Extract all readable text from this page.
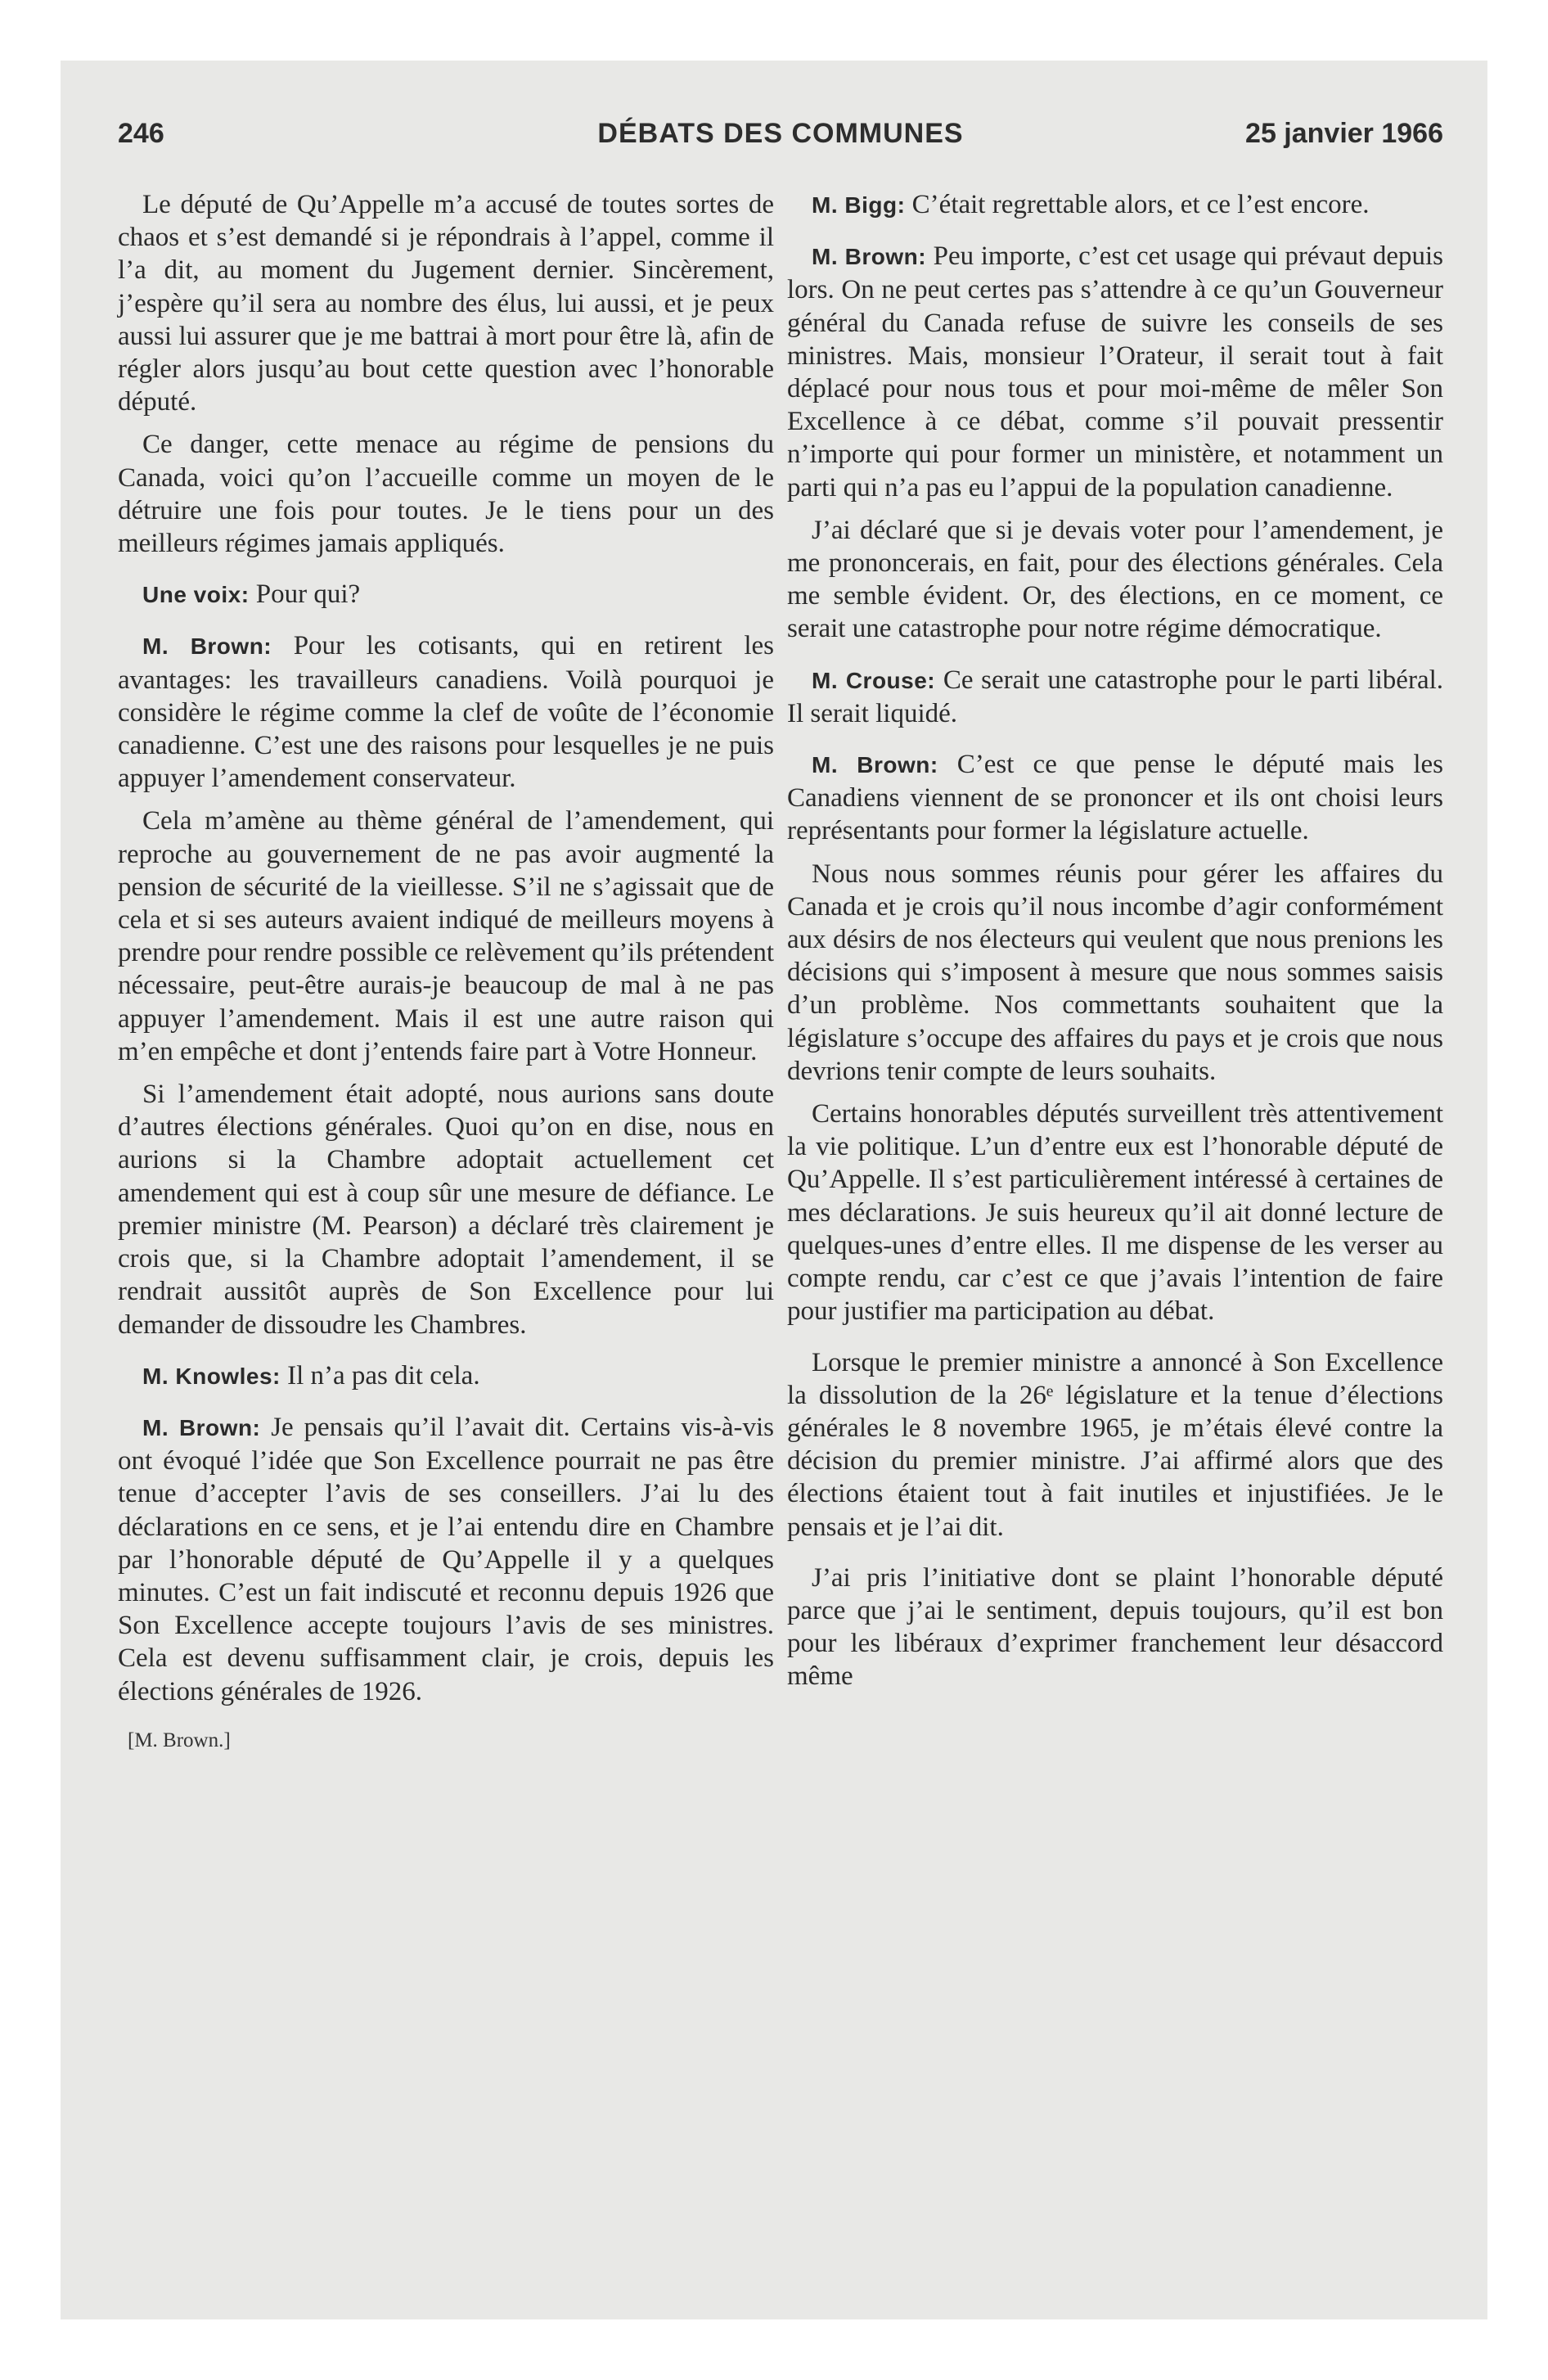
246	DÉBATS DES COMMUNES	25 janvier 1966

Le député de Qu’Appelle m’a accusé de toutes sortes de chaos et s’est demandé si je répondrais à l’appel, comme il l’a dit, au moment du Jugement dernier. Sincèrement, j’espère qu’il sera au nombre des élus, lui aussi, et je peux aussi lui assurer que je me battrai à mort pour être là, afin de régler alors jusqu’au bout cette question avec l’honorable député.

Ce danger, cette menace au régime de pensions du Canada, voici qu’on l’accueille comme un moyen de le détruire une fois pour toutes. Je le tiens pour un des meilleurs régimes jamais appliqués.

Une voix: Pour qui?

M. Brown: Pour les cotisants, qui en retirent les avantages: les travailleurs canadiens. Voilà pourquoi je considère le régime comme la clef de voûte de l’économie canadienne. C’est une des raisons pour lesquelles je ne puis appuyer l’amendement conservateur.

Cela m’amène au thème général de l’amendement, qui reproche au gouvernement de ne pas avoir augmenté la pension de sécurité de la vieillesse. S’il ne s’agissait que de cela et si ses auteurs avaient indiqué de meilleurs moyens à prendre pour rendre possible ce relèvement qu’ils prétendent nécessaire, peut-être aurais-je beaucoup de mal à ne pas appuyer l’amendement. Mais il est une autre raison qui m’en empêche et dont j’entends faire part à Votre Honneur.

Si l’amendement était adopté, nous aurions sans doute d’autres élections générales. Quoi qu’on en dise, nous en aurions si la Chambre adoptait actuellement cet amendement qui est à coup sûr une mesure de défiance. Le premier ministre (M. Pearson) a déclaré très clairement je crois que, si la Chambre adoptait l’amendement, il se rendrait aussitôt auprès de Son Excellence pour lui demander de dissoudre les Chambres.

M. Knowles: Il n’a pas dit cela.

M. Brown: Je pensais qu’il l’avait dit. Certains vis-à-vis ont évoqué l’idée que Son Excellence pourrait ne pas être tenue d’accepter l’avis de ses conseillers. J’ai lu des déclarations en ce sens, et je l’ai entendu dire en Chambre par l’honorable député de Qu’Appelle il y a quelques minutes. C’est un fait indiscuté et reconnu depuis 1926 que Son Excellence accepte toujours l’avis de ses ministres. Cela est devenu suffisamment clair, je crois, depuis les élections générales de 1926.

[M. Brown.]

M. Bigg: C’était regrettable alors, et ce l’est encore.

M. Brown: Peu importe, c’est cet usage qui prévaut depuis lors. On ne peut certes pas s’attendre à ce qu’un Gouverneur général du Canada refuse de suivre les conseils de ses ministres. Mais, monsieur l’Orateur, il serait tout à fait déplacé pour nous tous et pour moi-même de mêler Son Excellence à ce débat, comme s’il pouvait pressentir n’importe qui pour former un ministère, et notamment un parti qui n’a pas eu l’appui de la population canadienne.

J’ai déclaré que si je devais voter pour l’amendement, je me prononcerais, en fait, pour des élections générales. Cela me semble évident. Or, des élections, en ce moment, ce serait une catastrophe pour notre régime démocratique.

M. Crouse: Ce serait une catastrophe pour le parti libéral. Il serait liquidé.

M. Brown: C’est ce que pense le député mais les Canadiens viennent de se prononcer et ils ont choisi leurs représentants pour former la législature actuelle.

Nous nous sommes réunis pour gérer les affaires du Canada et je crois qu’il nous incombe d’agir conformément aux désirs de nos électeurs qui veulent que nous prenions les décisions qui s’imposent à mesure que nous sommes saisis d’un problème. Nos commettants souhaitent que la législature s’occupe des affaires du pays et je crois que nous devrions tenir compte de leurs souhaits.

Certains honorables députés surveillent très attentivement la vie politique. L’un d’entre eux est l’honorable député de Qu’Appelle. Il s’est particulièrement intéressé à certaines de mes déclarations. Je suis heureux qu’il ait donné lecture de quelques-unes d’entre elles. Il me dispense de les verser au compte rendu, car c’est ce que j’avais l’intention de faire pour justifier ma participation au débat.

Lorsque le premier ministre a annoncé à Son Excellence la dissolution de la 26ᵉ législature et la tenue d’élections générales le 8 novembre 1965, je m’étais élevé contre la décision du premier ministre. J’ai affirmé alors que des élections étaient tout à fait inutiles et injustifiées. Je le pensais et je l’ai dit.

J’ai pris l’initiative dont se plaint l’honorable député parce que j’ai le sentiment, depuis toujours, qu’il est bon pour les libéraux d’exprimer franchement leur désaccord même
